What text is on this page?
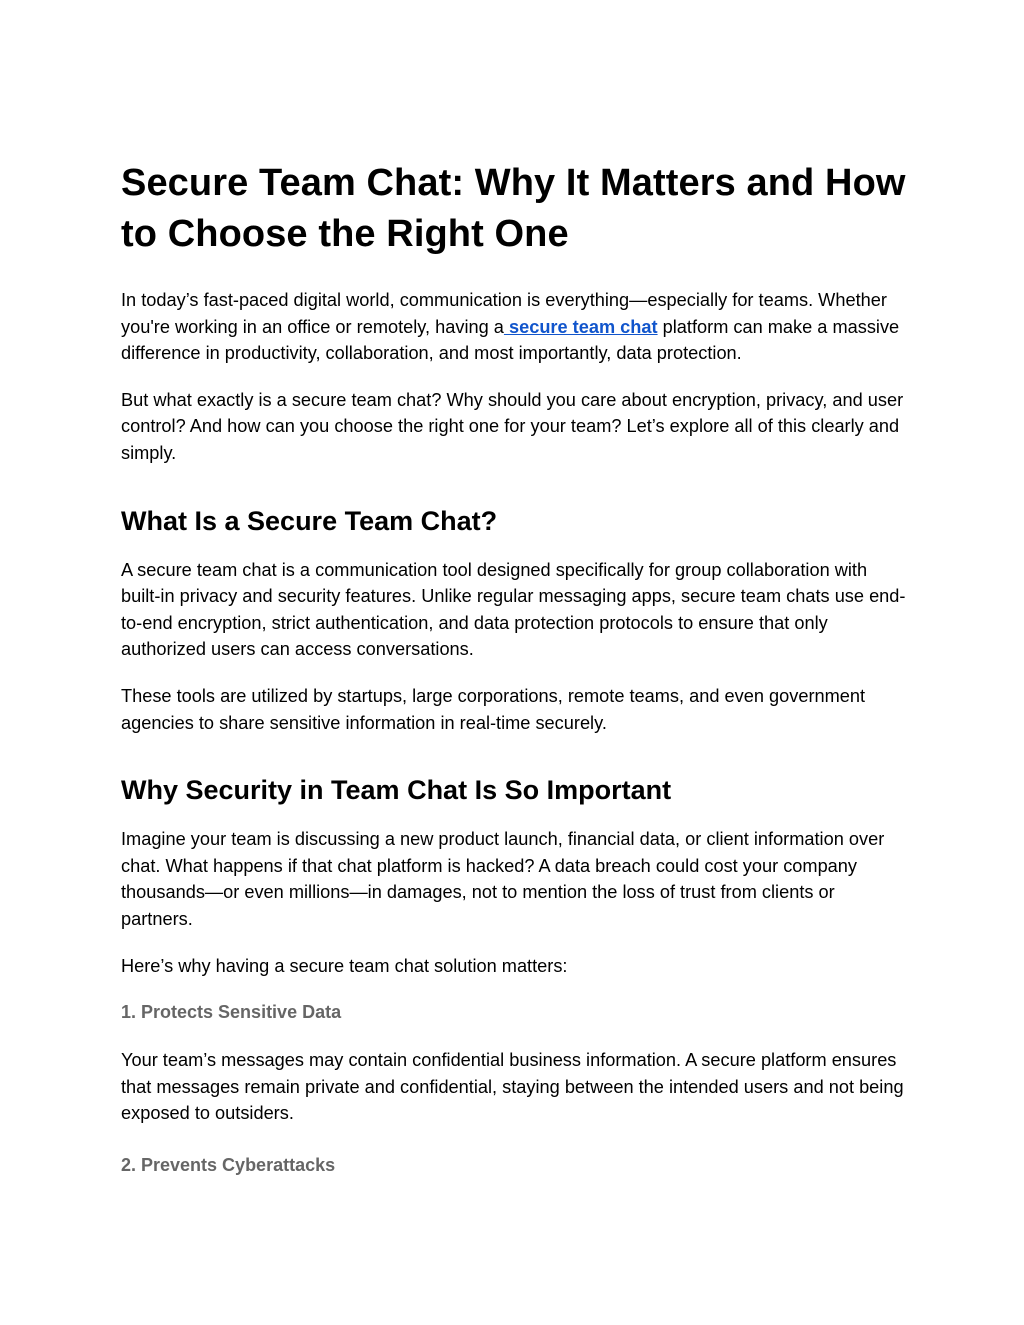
Secure Team Chat: Why It Matters and How to Choose the Right One

In today’s fast-paced digital world, communication is everything—especially for teams. Whether you're working in an office or remotely, having a secure team chat platform can make a massive difference in productivity, collaboration, and most importantly, data protection.

But what exactly is a secure team chat? Why should you care about encryption, privacy, and user control? And how can you choose the right one for your team? Let’s explore all of this clearly and simply.

What Is a Secure Team Chat?

A secure team chat is a communication tool designed specifically for group collaboration with built-in privacy and security features. Unlike regular messaging apps, secure team chats use end-to-end encryption, strict authentication, and data protection protocols to ensure that only authorized users can access conversations.

These tools are utilized by startups, large corporations, remote teams, and even government agencies to share sensitive information in real-time securely.

Why Security in Team Chat Is So Important

Imagine your team is discussing a new product launch, financial data, or client information over chat. What happens if that chat platform is hacked? A data breach could cost your company thousands—or even millions—in damages, not to mention the loss of trust from clients or partners.

Here’s why having a secure team chat solution matters:

1. Protects Sensitive Data

Your team’s messages may contain confidential business information. A secure platform ensures that messages remain private and confidential, staying between the intended users and not being exposed to outsiders.

2. Prevents Cyberattacks
